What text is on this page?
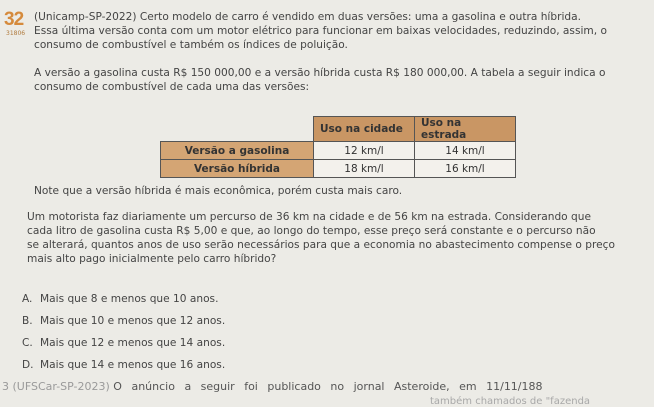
32
31806
(Unicamp-SP-2022) Certo modelo de carro é vendido em duas versões: uma a gasolina e outra híbrida.
Essa última versão conta com um motor elétrico para funcionar em baixas velocidades, reduzindo, assim, o
consumo de combustível e também os índices de poluição.
A versão a gasolina custa R$ 150 000,00 e a versão híbrida custa R$ 180 000,00. A tabela a seguir indica o
consumo de combustível de cada uma das versões:
	Uso na cidade	Uso na estrada
Versão a gasolina	12 km/l	14 km/l
Versão híbrida	18 km/l	16 km/l
Note que a versão híbrida é mais econômica, porém custa mais caro.
Um motorista faz diariamente um percurso de 36 km na cidade e de 56 km na estrada. Considerando que
cada litro de gasolina custa R$ 5,00 e que, ao longo do tempo, esse preço será constante e o percurso não
se alterará, quantos anos de uso serão necessários para que a economia no abastecimento compense o preço
mais alto pago inicialmente pelo carro híbrido?
A. Mais que 8 e menos que 10 anos.
B. Mais que 10 e menos que 12 anos.
C. Mais que 12 e menos que 14 anos.
D. Mais que 14 e menos que 16 anos.
3 (UFSCar-SP-2023) O anúncio a seguir foi publicado no jornal Asteroide, em 11/11/188
também chamados de "fazenda
